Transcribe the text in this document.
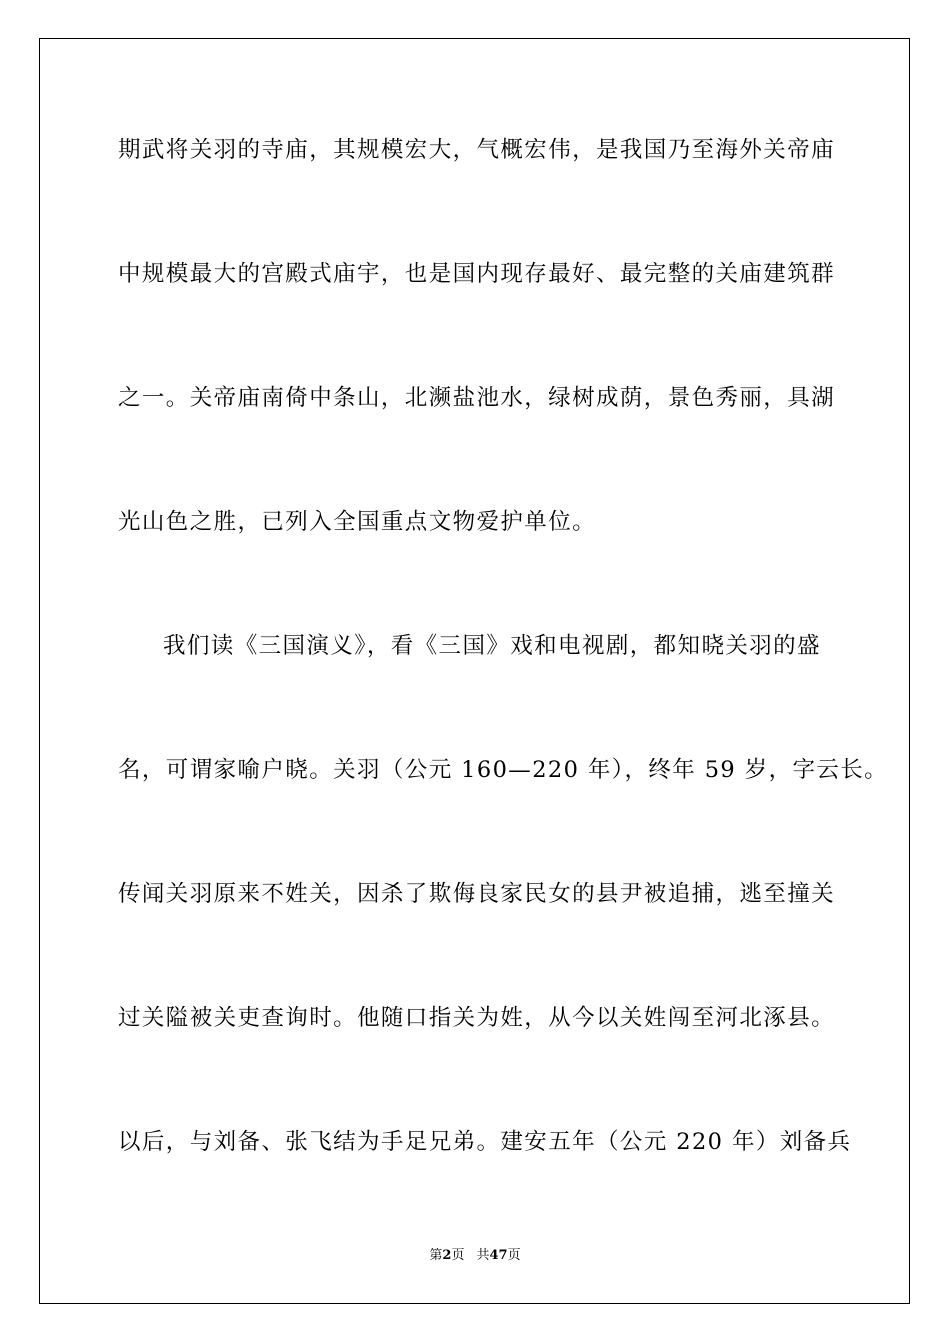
期武将关羽的寺庙，其规模宏大，气概宏伟，是我国乃至海外关帝庙
中规模最大的宫殿式庙宇，也是国内现存最好、最完整的关庙建筑群
之一。关帝庙南倚中条山，北濒盐池水，绿树成荫，景色秀丽，具湖
光山色之胜，已列入全国重点文物爱护单位。
我们读《三国演义》，看《三国》戏和电视剧，都知晓关羽的盛
名，可谓家喻户晓。关羽（公元 160—220 年），终年 59 岁，字云长。
传闻关羽原来不姓关，因杀了欺侮良家民女的县尹被追捕，逃至撞关
过关隘被关吏查询时。他随口指关为姓，从今以关姓闯至河北涿县。
以后，与刘备、张飞结为手足兄弟。建安五年（公元 220 年）刘备兵
第2页 共47页
